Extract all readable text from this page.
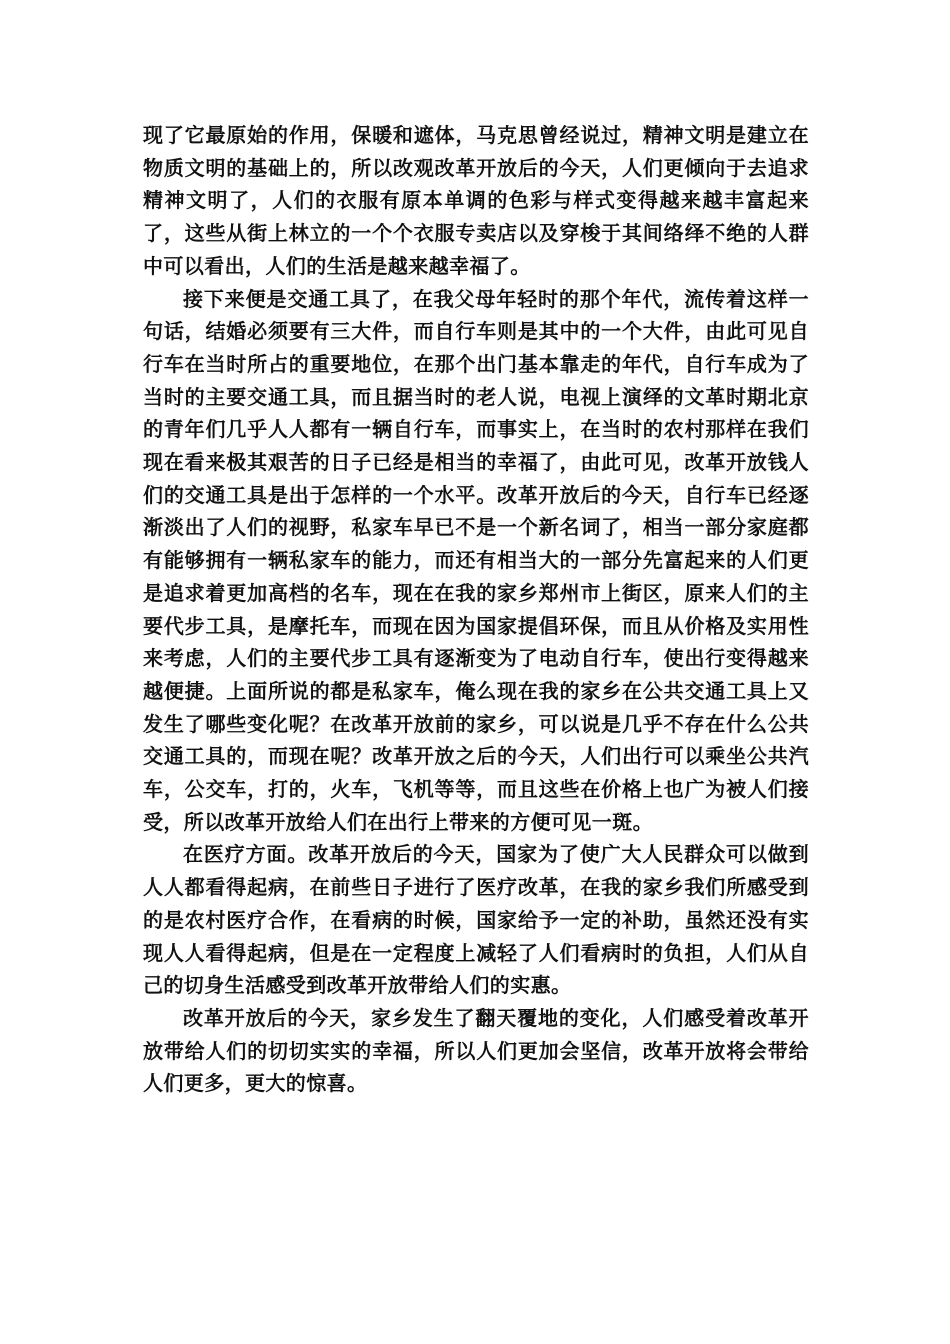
现了它最原始的作用，保暖和遮体，马克思曾经说过，精神文明是建立在物质文明的基础上的，所以改观改革开放后的今天，人们更倾向于去追求精神文明了，人们的衣服有原本单调的色彩与样式变得越来越丰富起来了，这些从街上林立的一个个衣服专卖店以及穿梭于其间络绎不绝的人群中可以看出，人们的生活是越来越幸福了。

接下来便是交通工具了，在我父母年轻时的那个年代，流传着这样一句话，结婚必须要有三大件，而自行车则是其中的一个大件，由此可见自行车在当时所占的重要地位，在那个出门基本靠走的年代，自行车成为了当时的主要交通工具，而且据当时的老人说，电视上演绎的文革时期北京的青年们几乎人人都有一辆自行车，而事实上，在当时的农村那样在我们现在看来极其艰苦的日子已经是相当的幸福了，由此可见，改革开放钱人们的交通工具是出于怎样的一个水平。改革开放后的今天，自行车已经逐渐淡出了人们的视野，私家车早已不是一个新名词了，相当一部分家庭都有能够拥有一辆私家车的能力，而还有相当大的一部分先富起来的人们更是追求着更加高档的名车，现在在我的家乡郑州市上街区，原来人们的主要代步工具，是摩托车，而现在因为国家提倡环保，而且从价格及实用性来考虑，人们的主要代步工具有逐渐变为了电动自行车，使出行变得越来越便捷。上面所说的都是私家车，俺么现在我的家乡在公共交通工具上又发生了哪些变化呢？在改革开放前的家乡，可以说是几乎不存在什么公共交通工具的，而现在呢？改革开放之后的今天，人们出行可以乘坐公共汽车，公交车，打的，火车，飞机等等，而且这些在价格上也广为被人们接受，所以改革开放给人们在出行上带来的方便可见一斑。

在医疗方面。改革开放后的今天，国家为了使广大人民群众可以做到人人都看得起病，在前些日子进行了医疗改革，在我的家乡我们所感受到的是农村医疗合作，在看病的时候，国家给予一定的补助，虽然还没有实现人人看得起病，但是在一定程度上减轻了人们看病时的负担，人们从自己的切身生活感受到改革开放带给人们的实惠。

改革开放后的今天，家乡发生了翻天覆地的变化，人们感受着改革开放带给人们的切切实实的幸福，所以人们更加会坚信，改革开放将会带给人们更多，更大的惊喜。
